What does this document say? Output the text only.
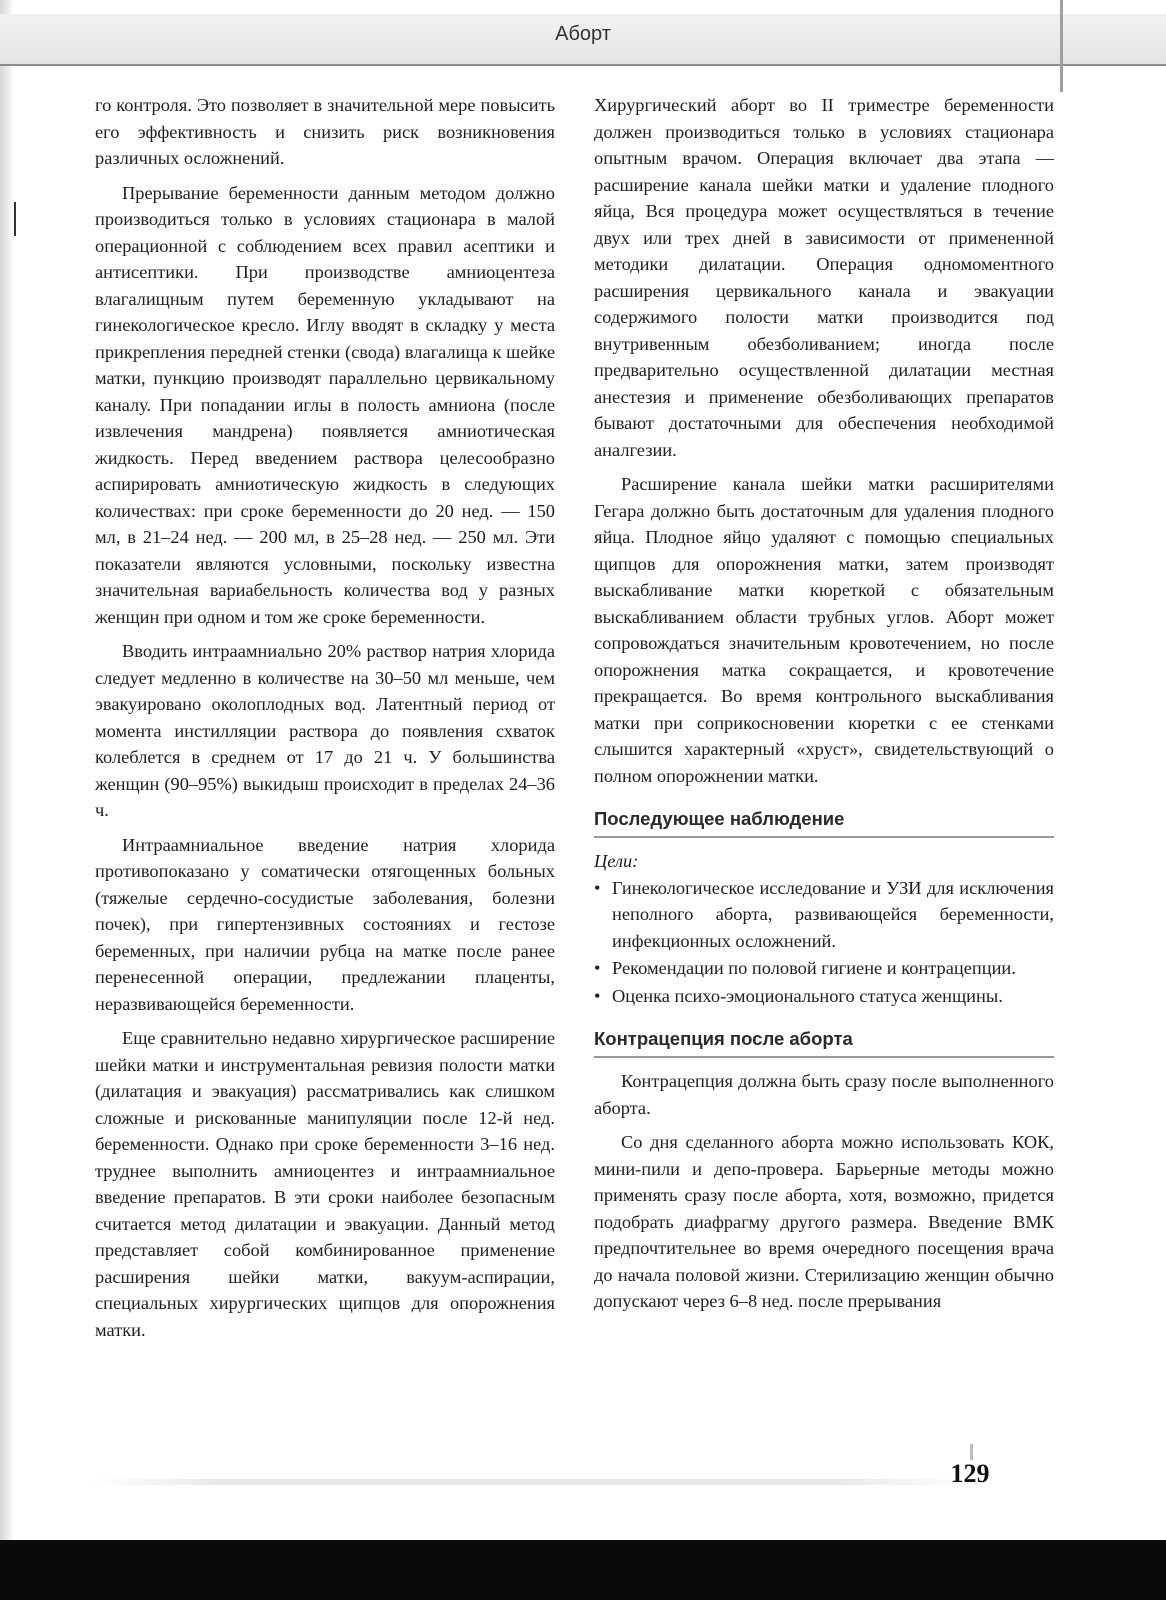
Аборт

го контроля. Это позволяет в значительной мере повысить его эффективность и снизить риск возникновения различных осложнений.

Прерывание беременности данным методом должно производиться только в условиях стационара в малой операционной с соблюдением всех правил асептики и антисептики. При производстве амниоцентеза влагалищным путем беременную укладывают на гинекологическое кресло. Иглу вводят в складку у места прикрепления передней стенки (свода) влагалища к шейке матки, пункцию производят параллельно цервикальному каналу. При попадании иглы в полость амниона (после извлечения мандрена) появляется амниотическая жидкость. Перед введением раствора целесообразно аспирировать амниотическую жидкость в следующих количествах: при сроке беременности до 20 нед. — 150 мл, в 21–24 нед. — 200 мл, в 25–28 нед. — 250 мл. Эти показатели являются условными, поскольку известна значительная вариабельность количества вод у разных женщин при одном и том же сроке беременности.

Вводить интраамниально 20% раствор натрия хлорида следует медленно в количестве на 30–50 мл меньше, чем эвакуировано околоплодных вод. Латентный период от момента инстилляции раствора до появления схваток колеблется в среднем от 17 до 21 ч. У большинства женщин (90–95%) выкидыш происходит в пределах 24–36 ч.

Интраамниальное введение натрия хлорида противопоказано у соматически отягощенных больных (тяжелые сердечно-сосудистые заболевания, болезни почек), при гипертензивных состояниях и гестозе беременных, при наличии рубца на матке после ранее перенесенной операции, предлежании плаценты, неразвивающейся беременности.

Еще сравнительно недавно хирургическое расширение шейки матки и инструментальная ревизия полости матки (дилатация и эвакуация) рассматривались как слишком сложные и рискованные манипуляции после 12-й нед. беременности. Однако при сроке беременности 3–16 нед. труднее выполнить амниоцентез и интраамниальное введение препаратов. В эти сроки наиболее безопасным считается метод дилатации и эвакуации. Данный метод представляет собой комбинированное применение расширения шейки матки, вакуум-аспирации, специальных хирургических щипцов для опорожнения матки.

Хирургический аборт во II триместре беременности должен производиться только в условиях стационара опытным врачом. Операция включает два этапа — расширение канала шейки матки и удаление плодного яйца, Вся процедура может осуществляться в течение двух или трех дней в зависимости от примененной методики дилатации. Операция одномоментного расширения цервикального канала и эвакуации содержимого полости матки производится под внутривенным обезболиванием; иногда после предварительно осуществленной дилатации местная анестезия и применение обезболивающих препаратов бывают достаточными для обеспечения необходимой аналгезии.

Расширение канала шейки матки расширителями Гегара должно быть достаточным для удаления плодного яйца. Плодное яйцо удаляют с помощью специальных щипцов для опорожнения матки, затем производят выскабливание матки кюреткой с обязательным выскабливанием области трубных углов. Аборт может сопровождаться значительным кровотечением, но после опорожнения матка сокращается, и кровотечение прекращается. Во время контрольного выскабливания матки при соприкосновении кюретки с ее стенками слышится характерный «хруст», свидетельствующий о полном опорожнении матки.

Последующее наблюдение
Цели:
• Гинекологическое исследование и УЗИ для исключения неполного аборта, развивающейся беременности, инфекционных осложнений.
• Рекомендации по половой гигиене и контрацепции.
• Оценка психо-эмоционального статуса женщины.
Контрацепция после аборта

Контрацепция должна быть сразу после выполненного аборта.

Со дня сделанного аборта можно использовать КОК, мини-пили и депо-провера. Барьерные методы можно применять сразу после аборта, хотя, возможно, придется подобрать диафрагму другого размера. Введение ВМК предпочтительнее во время очередного посещения врача до начала половой жизни. Стерилизацию женщин обычно допускают через 6–8 нед. после прерывания

129
